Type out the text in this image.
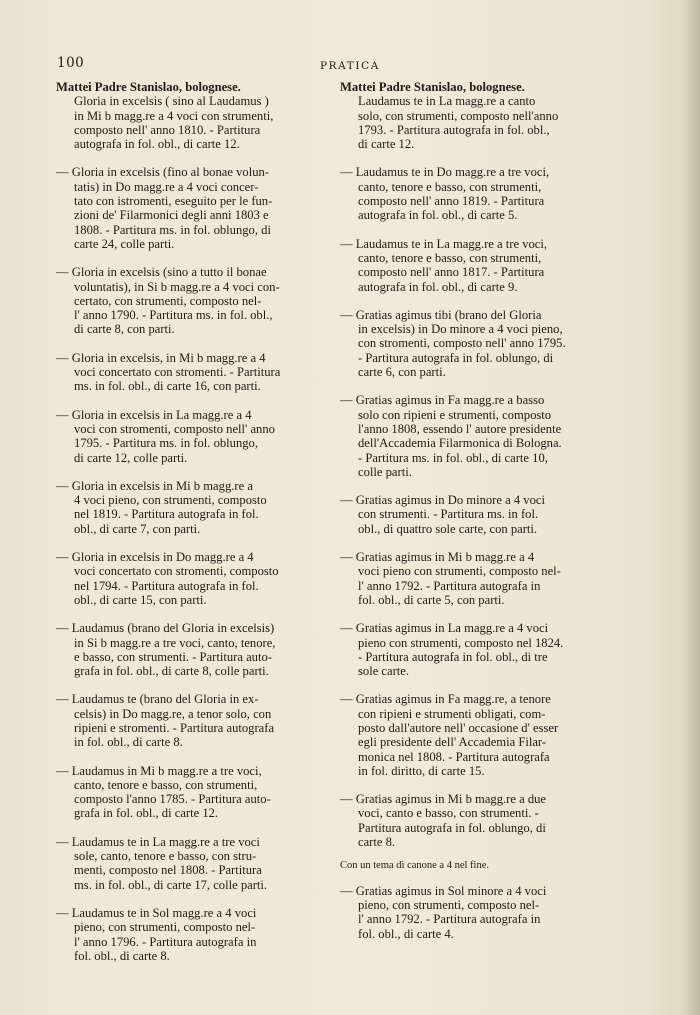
100	PRATICA
Mattei Padre Stanislao, bolognese.
Gloria in excelsis ( sino al Laudamus )
in Mi b magg.re a 4 voci con strumenti,
composto nell' anno 1810. - Partitura
autografa in fol. obl., di carte 12.
— Gloria in excelsis (fino al bonae volun-
tatis) in Do magg.re a 4 voci concer-
tato con istromenti, eseguito per le fun-
zioni de' Filarmonici degli anni 1803 e
1808. - Partitura ms. in fol. oblungo, di
carte 24, colle parti.
— Gloria in excelsis (sino a tutto il bonae
voluntatis), in Si b magg.re a 4 voci con-
certato, con strumenti, composto nel-
l' anno 1790. - Partitura ms. in fol. obl.,
di carte 8, con parti.
— Gloria in excelsis, in Mi b magg.re a 4
voci concertato con stromenti. - Partitura
ms. in fol. obl., di carte 16, con parti.
— Gloria in excelsis in La magg.re a 4
voci con stromenti, composto nell' anno
1795. - Partitura ms. in fol. oblungo,
di carte 12, colle parti.
— Gloria in excelsis in Mi b magg.re a
4 voci pieno, con strumenti, composto
nel 1819. - Partitura autografa in fol.
obl., di carte 7, con parti.
— Gloria in excelsis in Do magg.re a 4
voci concertato con stromenti, composto
nel 1794. - Partitura autografa in fol.
obl., di carte 15, con parti.
— Laudamus (brano del Gloria in excelsis)
in Si b magg.re a tre voci, canto, tenore,
e basso, con strumenti. - Partitura auto-
grafa in fol. obl., di carte 8, colle parti.
— Laudamus te (brano del Gloria in ex-
celsis) in Do magg.re, a tenor solo, con
ripieni e stromenti. - Partitura autografa
in fol. obl., di carte 8.
— Laudamus in Mi b magg.re a tre voci,
canto, tenore e basso, con strumenti,
composto l'anno 1785. - Partitura auto-
grafa in fol. obl., di carte 12.
— Laudamus te in La magg.re a tre voci
sole, canto, tenore e basso, con stru-
menti, composto nel 1808. - Partitura
ms. in fol. obl., di carte 17, colle parti.
— Laudamus te in Sol magg.re a 4 voci
pieno, con strumenti, composto nel-
l' anno 1796. - Partitura autografa in
fol. obl., di carte 8.
Mattei Padre Stanislao, bolognese.
Laudamus te in La magg.re a canto
solo, con strumenti, composto nell'anno
1793. - Partitura autografa in fol. obl.,
di carte 12.
— Laudamus te in Do magg.re a tre voci,
canto, tenore e basso, con strumenti,
composto nell' anno 1819. - Partitura
autografa in fol. obl., di carte 5.
— Laudamus te in La magg.re a tre voci,
canto, tenore e basso, con strumenti,
composto nell' anno 1817. - Partitura
autografa in fol. obl., di carte 9.
— Gratias agimus tibi (brano del Gloria
in excelsis) in Do minore a 4 voci pieno,
con stromenti, composto nell' anno 1795.
- Partitura autografa in fol. oblungo, di
carte 6, con parti.
— Gratias agimus in Fa magg.re a basso
solo con ripieni e strumenti, composto
l'anno 1808, essendo l' autore presidente
dell'Accademia Filarmonica di Bologna.
- Partitura ms. in fol. obl., di carte 10,
colle parti.
— Gratias agimus in Do minore a 4 voci
con strumenti. - Partitura ms. in fol.
obl., di quattro sole carte, con parti.
— Gratias agimus in Mi b magg.re a 4
voci pieno con strumenti, composto nel-
l' anno 1792. - Partitura autografa in
fol. obl., di carte 5, con parti.
— Gratias agimus in La magg.re a 4 voci
pieno con strumenti, composto nel 1824.
- Partitura autografa in fol. obl., di tre
sole carte.
— Gratias agimus in Fa magg.re, a tenore
con ripieni e strumenti obligati, com-
posto dall'autore nell' occasione d' esser
egli presidente dell' Accademia Filar-
monica nel 1808. - Partitura autografa
in fol. diritto, di carte 15.
— Gratias agimus in Mi b magg.re a due
voci, canto e basso, con strumenti. -
Partitura autografa in fol. oblungo, di
carte 8.
Con un tema di canone a 4 nel fine.
— Gratias agimus in Sol minore a 4 voci
pieno, con strumenti, composto nel-
l' anno 1792. - Partitura autografa in
fol. obl., di carte 4.
